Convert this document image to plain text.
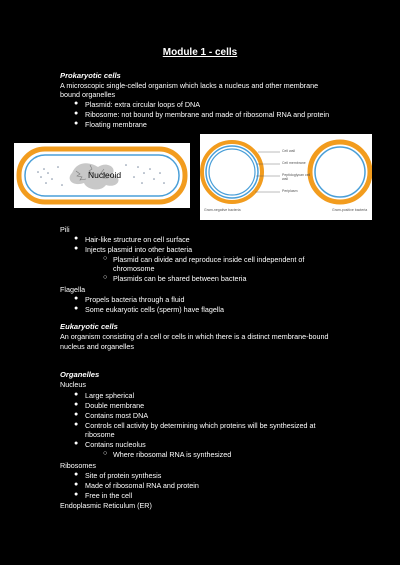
Module 1 - cells
Prokaryotic cells
A microscopic single-celled organism which lacks a nucleus and other membrane
bound organelles
● Plasmid: extra circular loops of DNA
● Ribosome: not bound by membrane and made of ribosomal RNA and protein
● Floating membrane
Nucleoid
Cell wall
Cell membrane
Peptidoglycan cell wall
Periplasm
Gram-negative bacteria	Gram-positive bacteria
Pili
● Hair-like structure on cell surface
● Injects plasmid into other bacteria
○ Plasmid can divide and reproduce inside cell independent of
chromosome
○ Plasmids can be shared between bacteria
Flagella
● Propels bacteria through a fluid
● Some eukaryotic cells (sperm) have flagella
Eukaryotic cells
An organism consisting of a cell or cells in which there is a distinct membrane-bound
nucleus and organelles
Organelles
Nucleus
● Large spherical
● Double membrane
● Contains most DNA
● Controls cell activity by determining which proteins will be synthesized at
ribosome
● Contains nucleolus
○ Where ribosomal RNA is synthesized
Ribosomes
● Site of protein synthesis
● Made of ribosomal RNA and protein
● Free in the cell
Endoplasmic Reticulum (ER)
